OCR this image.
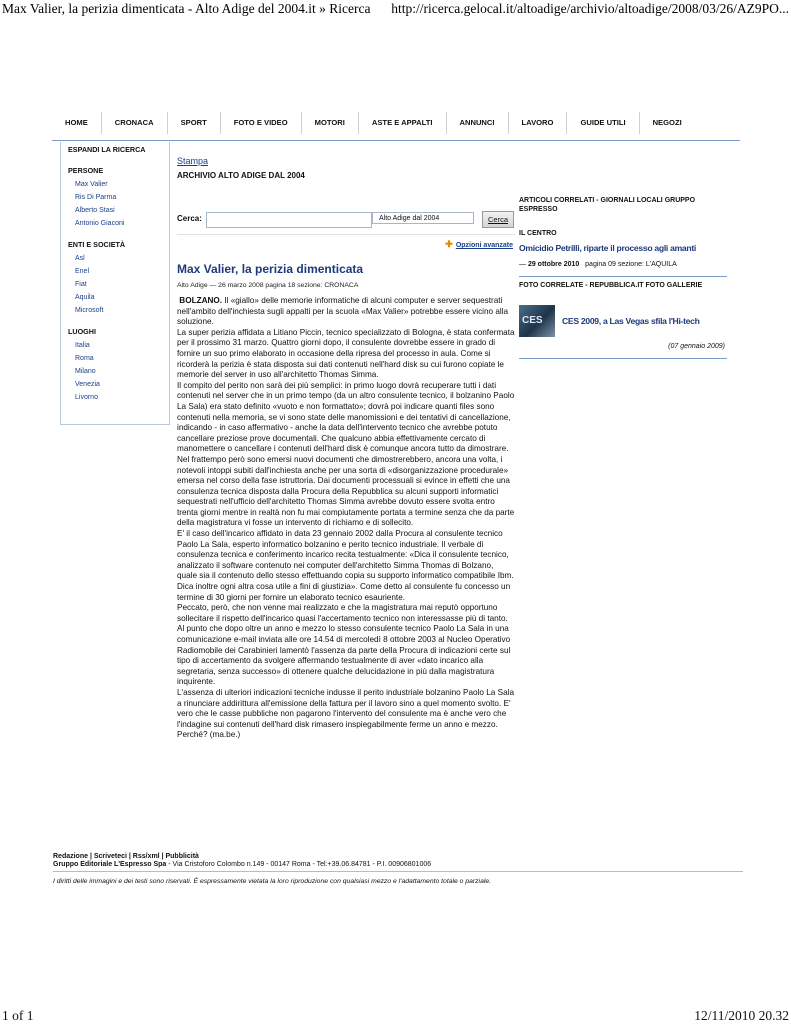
Max Valier, la perizia dimenticata - Alto Adige del 2004.it » Ricerca http://ricerca.gelocal.it/altoadige/archivio/altoadige/2008/03/26/AZ9PO...
HOME	CRONACA	SPORT	FOTO E VIDEO	MOTORI	ASTE E APPALTI	ANNUNCI	LAVORO	GUIDE UTILI	NEGOZI
ESPANDI LA RICERCA
PERSONE
Max Valier
Ris Di Parma
Alberto Stasi
Antonio Giaconi
ENTI E SOCIETÀ
Asl
Enel
Fiat
Aquila
Microsoft
LUOGHI
Italia
Roma
Milano
Venezia
Livorno
Stampa
ARCHIVIO ALTO ADIGE DAL 2004
Cerca:	Alto Adige dal 2004	Cerca
✚ Opzioni avanzate
Max Valier, la perizia dimenticata
Alto Adige — 26 marzo 2008 pagina 18 sezione: CRONACA

BOLZANO. Il «giallo» delle memorie informatiche di alcuni computer e server sequestrati nell'ambito dell'inchiesta sugli appalti per la scuola «Max Valier» potrebbe essere vicino alla soluzione.

La super perizia affidata a Litiano Piccin, tecnico specializzato di Bologna, è stata confermata per il prossimo 31 marzo. Quattro giorni dopo, il consulente dovrebbe essere in grado di fornire un suo primo elaborato in occasione della ripresa del processo in aula. Come si ricorderà la perizia è stata disposta sui dati contenuti nell'hard disk su cui furono copiate le memorie del server in uso all'architetto Thomas Simma.

Il compito del perito non sarà dei più semplici: in primo luogo dovrà recuperare tutti i dati contenuti nel server che in un primo tempo (da un altro consulente tecnico, il bolzanino Paolo La Sala) era stato definito «vuoto e non formattato»; dovrà poi indicare quanti files sono contenuti nella memoria, se vi sono state delle manomissioni e dei tentativi di cancellazione, indicando - in caso affermativo - anche la data dell'intervento tecnico che avrebbe potuto cancellare preziose prove documentali. Che qualcuno abbia effettivamente cercato di manomettere o cancellare i contenuti dell'hard disk è comunque ancora tutto da dimostrare.

Nel frattempo però sono emersi nuovi documenti che dimostrerebbero, ancora una volta, i notevoli intoppi subiti dall'inchiesta anche per una sorta di «disorganizzazione procedurale» emersa nel corso della fase istruttoria. Dai documenti processuali si evince in effetti che una consulenza tecnica disposta dalla Procura della Repubblica su alcuni supporti informatici sequestrati nell'ufficio dell'architetto Thomas Simma avrebbe dovuto essere svolta entro trenta giorni mentre in realtà non fu mai compiutamente portata a termine senza che da parte della magistratura vi fosse un intervento di richiamo e di sollecito.

E' il caso dell'incarico affidato in data 23 gennaio 2002 dalla Procura al consulente tecnico Paolo La Sala, esperto informatico bolzanino e perito tecnico industriale. Il verbale di consulenza tecnica e conferimento incarico recita testualmente: «Dica il consulente tecnico, analizzato il software contenuto nei computer dell'architetto Simma Thomas di Bolzano, quale sia il contenuto dello stesso effettuando copia su supporto informatico compatibile Ibm. Dica inoltre ogni altra cosa utile a fini di giustizia». Come detto al consulente fu concesso un termine di 30 giorni per fornire un elaborato tecnico esauriente.

Peccato, però, che non venne mai realizzato e che la magistratura mai reputò opportuno sollecitare il rispetto dell'incarico quasi l'accertamento tecnico non interessasse più di tanto. Al punto che dopo oltre un anno e mezzo lo stesso consulente tecnico Paolo La Sala in una comunicazione e-mail inviata alle ore 14.54 di mercoledì 8 ottobre 2003 al Nucleo Operativo Radiomobile dei Carabinieri lamentò l'assenza da parte della Procura di indicazioni certe sul tipo di accertamento da svolgere affermando testualmente di aver «dato incarico alla segretaria, senza successo» di ottenere qualche delucidazione in più dalla magistratura inquirente.

L'assenza di ulteriori indicazioni tecniche indusse il perito industriale bolzanino Paolo La Sala a rinunciare addirittura all'emissione della fattura per il lavoro sino a quel momento svolto. E' vero che le casse pubbliche non pagarono l'intervento del consulente ma è anche vero che l'indagine sui contenuti dell'hard disk rimasero inspiegabilmente ferme un anno e mezzo. Perché? (ma.be.)

ARTICOLI CORRELATI - GIORNALI LOCALI GRUPPO ESPRESSO
IL CENTRO
Omicidio Petrilli, riparte il processo agli amanti
— 29 ottobre 2010 pagina 09 sezione: L'AQUILA
FOTO CORRELATE - REPUBBLICA.IT FOTO GALLERIE
CES CES 2009, a Las Vegas sfila l'Hi-tech
(07 gennaio 2009)
Redazione | Scriveteci | Rss/xml | Pubblicità
Gruppo Editoriale L'Espresso Spa - Via Cristoforo Colombo n.149 - 00147 Roma - Tel:+39.06.84781 - P.I. 00906801006
I diritti delle immagini e dei testi sono riservati. È espressamente vietata la loro riproduzione con qualsiasi mezzo e l'adattamento totale o parziale.
1 of 1	12/11/2010 20.32
